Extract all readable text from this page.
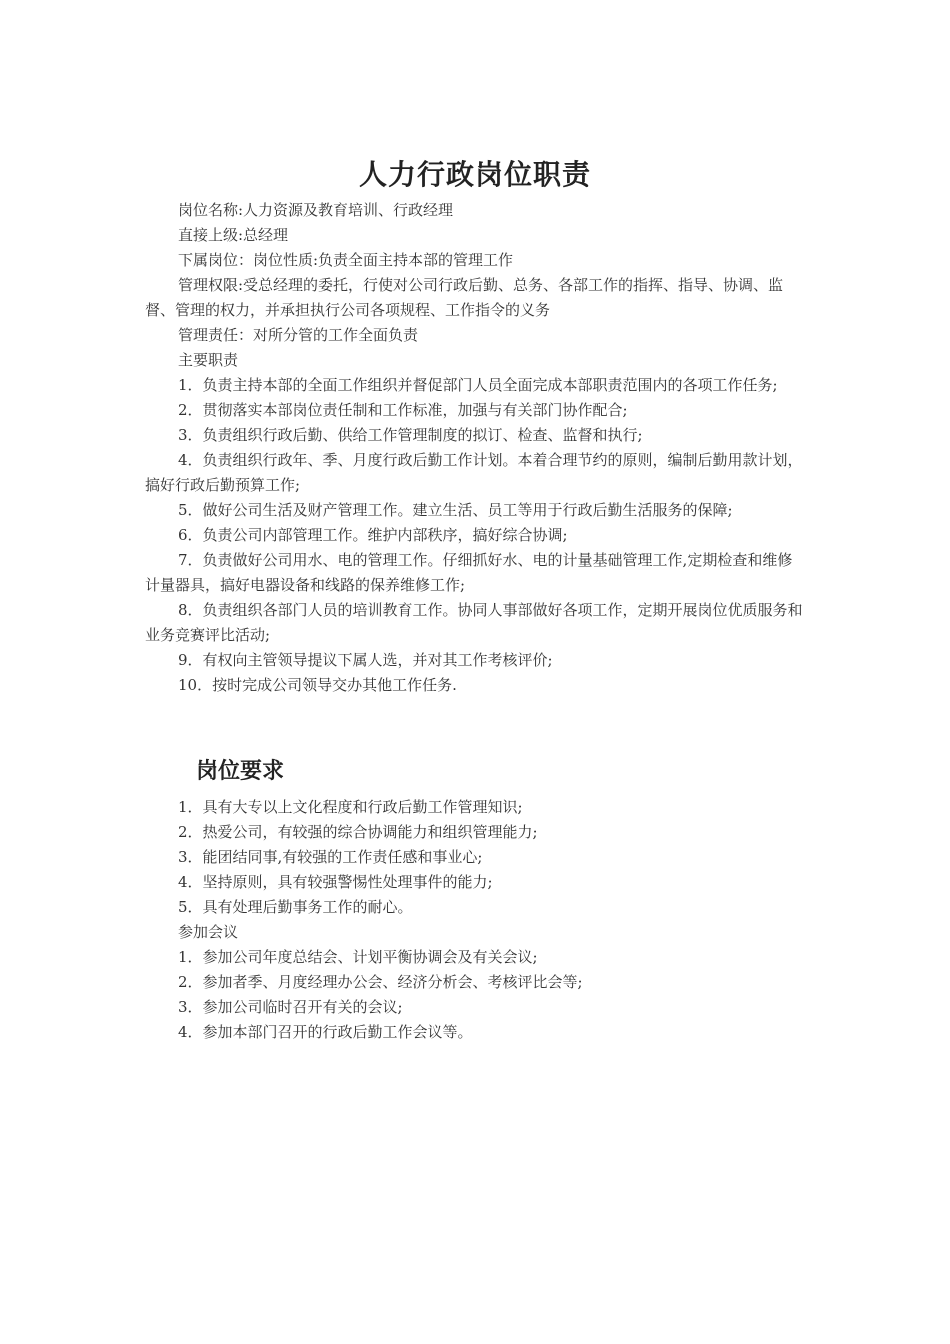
人力行政岗位职责

岗位名称:人力资源及教育培训、行政经理

直接上级:总经理

下属岗位：岗位性质:负责全面主持本部的管理工作

管理权限:受总经理的委托，行使对公司行政后勤、总务、各部工作的指挥、指导、协调、监督、管理的权力，并承担执行公司各项规程、工作指令的义务

管理责任：对所分管的工作全面负责

主要职责

1．负责主持本部的全面工作组织并督促部门人员全面完成本部职责范围内的各项工作任务;

2．贯彻落实本部岗位责任制和工作标准，加强与有关部门协作配合;

3．负责组织行政后勤、供给工作管理制度的拟订、检查、监督和执行;

4．负责组织行政年、季、月度行政后勤工作计划。本着合理节约的原则，编制后勤用款计划，搞好行政后勤预算工作;

5．做好公司生活及财产管理工作。建立生活、员工等用于行政后勤生活服务的保障;

6．负责公司内部管理工作。维护内部秩序，搞好综合协调;

7．负责做好公司用水、电的管理工作。仔细抓好水、电的计量基础管理工作,定期检查和维修计量器具，搞好电器设备和线路的保养维修工作;

8．负责组织各部门人员的培训教育工作。协同人事部做好各项工作，定期开展岗位优质服务和业务竞赛评比活动;

9．有权向主管领导提议下属人选，并对其工作考核评价;

10．按时完成公司领导交办其他工作任务.

岗位要求

1．具有大专以上文化程度和行政后勤工作管理知识;

2．热爱公司，有较强的综合协调能力和组织管理能力;

3．能团结同事,有较强的工作责任感和事业心;

4．坚持原则，具有较强警惕性处理事件的能力;

5．具有处理后勤事务工作的耐心。

参加会议

1．参加公司年度总结会、计划平衡协调会及有关会议;

2．参加者季、月度经理办公会、经济分析会、考核评比会等;

3．参加公司临时召开有关的会议;

4．参加本部门召开的行政后勤工作会议等。
